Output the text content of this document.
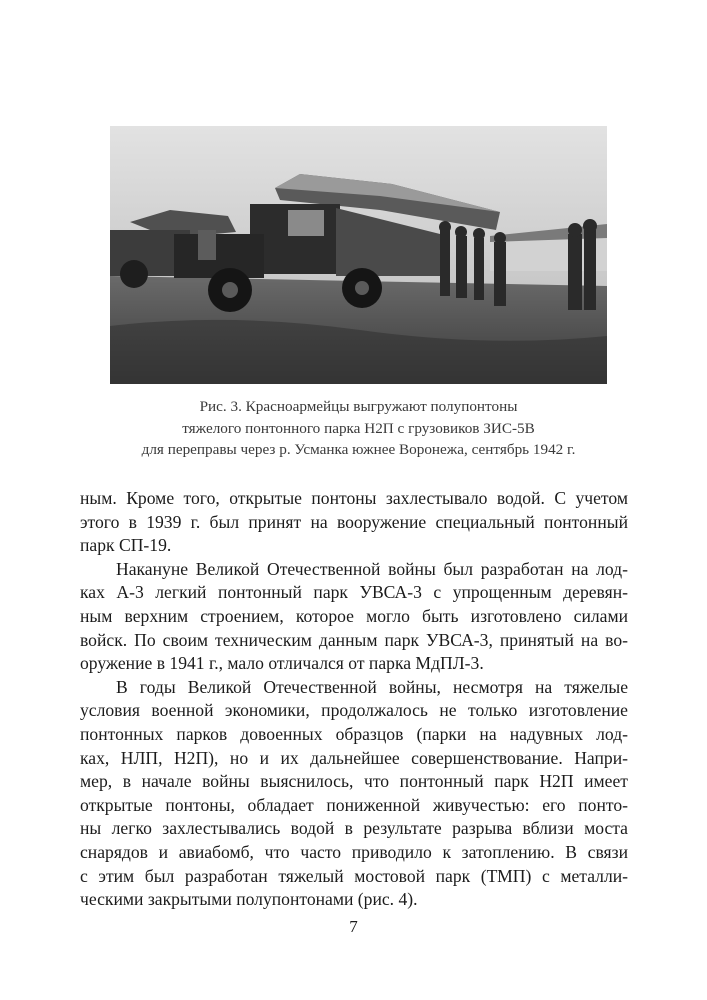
Рис. 3. Красноармейцы выгружают полупонтоны
тяжелого понтонного парка Н2П с грузовиков ЗИС-5В
для переправы через р. Усманка южнее Воронежа, сентябрь 1942 г.
ным. Кроме того, открытые понтоны захлестывало водой. С учетом
этого в 1939 г. был принят на вооружение специальный понтонный
парк СП-19.
Накануне Великой Отечественной войны был разработан на лод-
ках А-3 легкий понтонный парк УВСА-3 с упрощенным деревян-
ным верхним строением, которое могло быть изготовлено силами
войск. По своим техническим данным парк УВСА-3, принятый на во-
оружение в 1941 г., мало отличался от парка МдПЛ-3.
В годы Великой Отечественной войны, несмотря на тяжелые
условия военной экономики, продолжалось не только изготовление
понтонных парков довоенных образцов (парки на надувных лод-
ках, НЛП, Н2П), но и их дальнейшее совершенствование. Напри-
мер, в начале войны выяснилось, что понтонный парк Н2П имеет
открытые понтоны, обладает пониженной живучестью: его понто-
ны легко захлестывались водой в результате разрыва вблизи моста
снарядов и авиабомб, что часто приводило к затоплению. В связи
с этим был разработан тяжелый мостовой парк (ТМП) с металли-
ческими закрытыми полупонтонами (рис. 4).
7
